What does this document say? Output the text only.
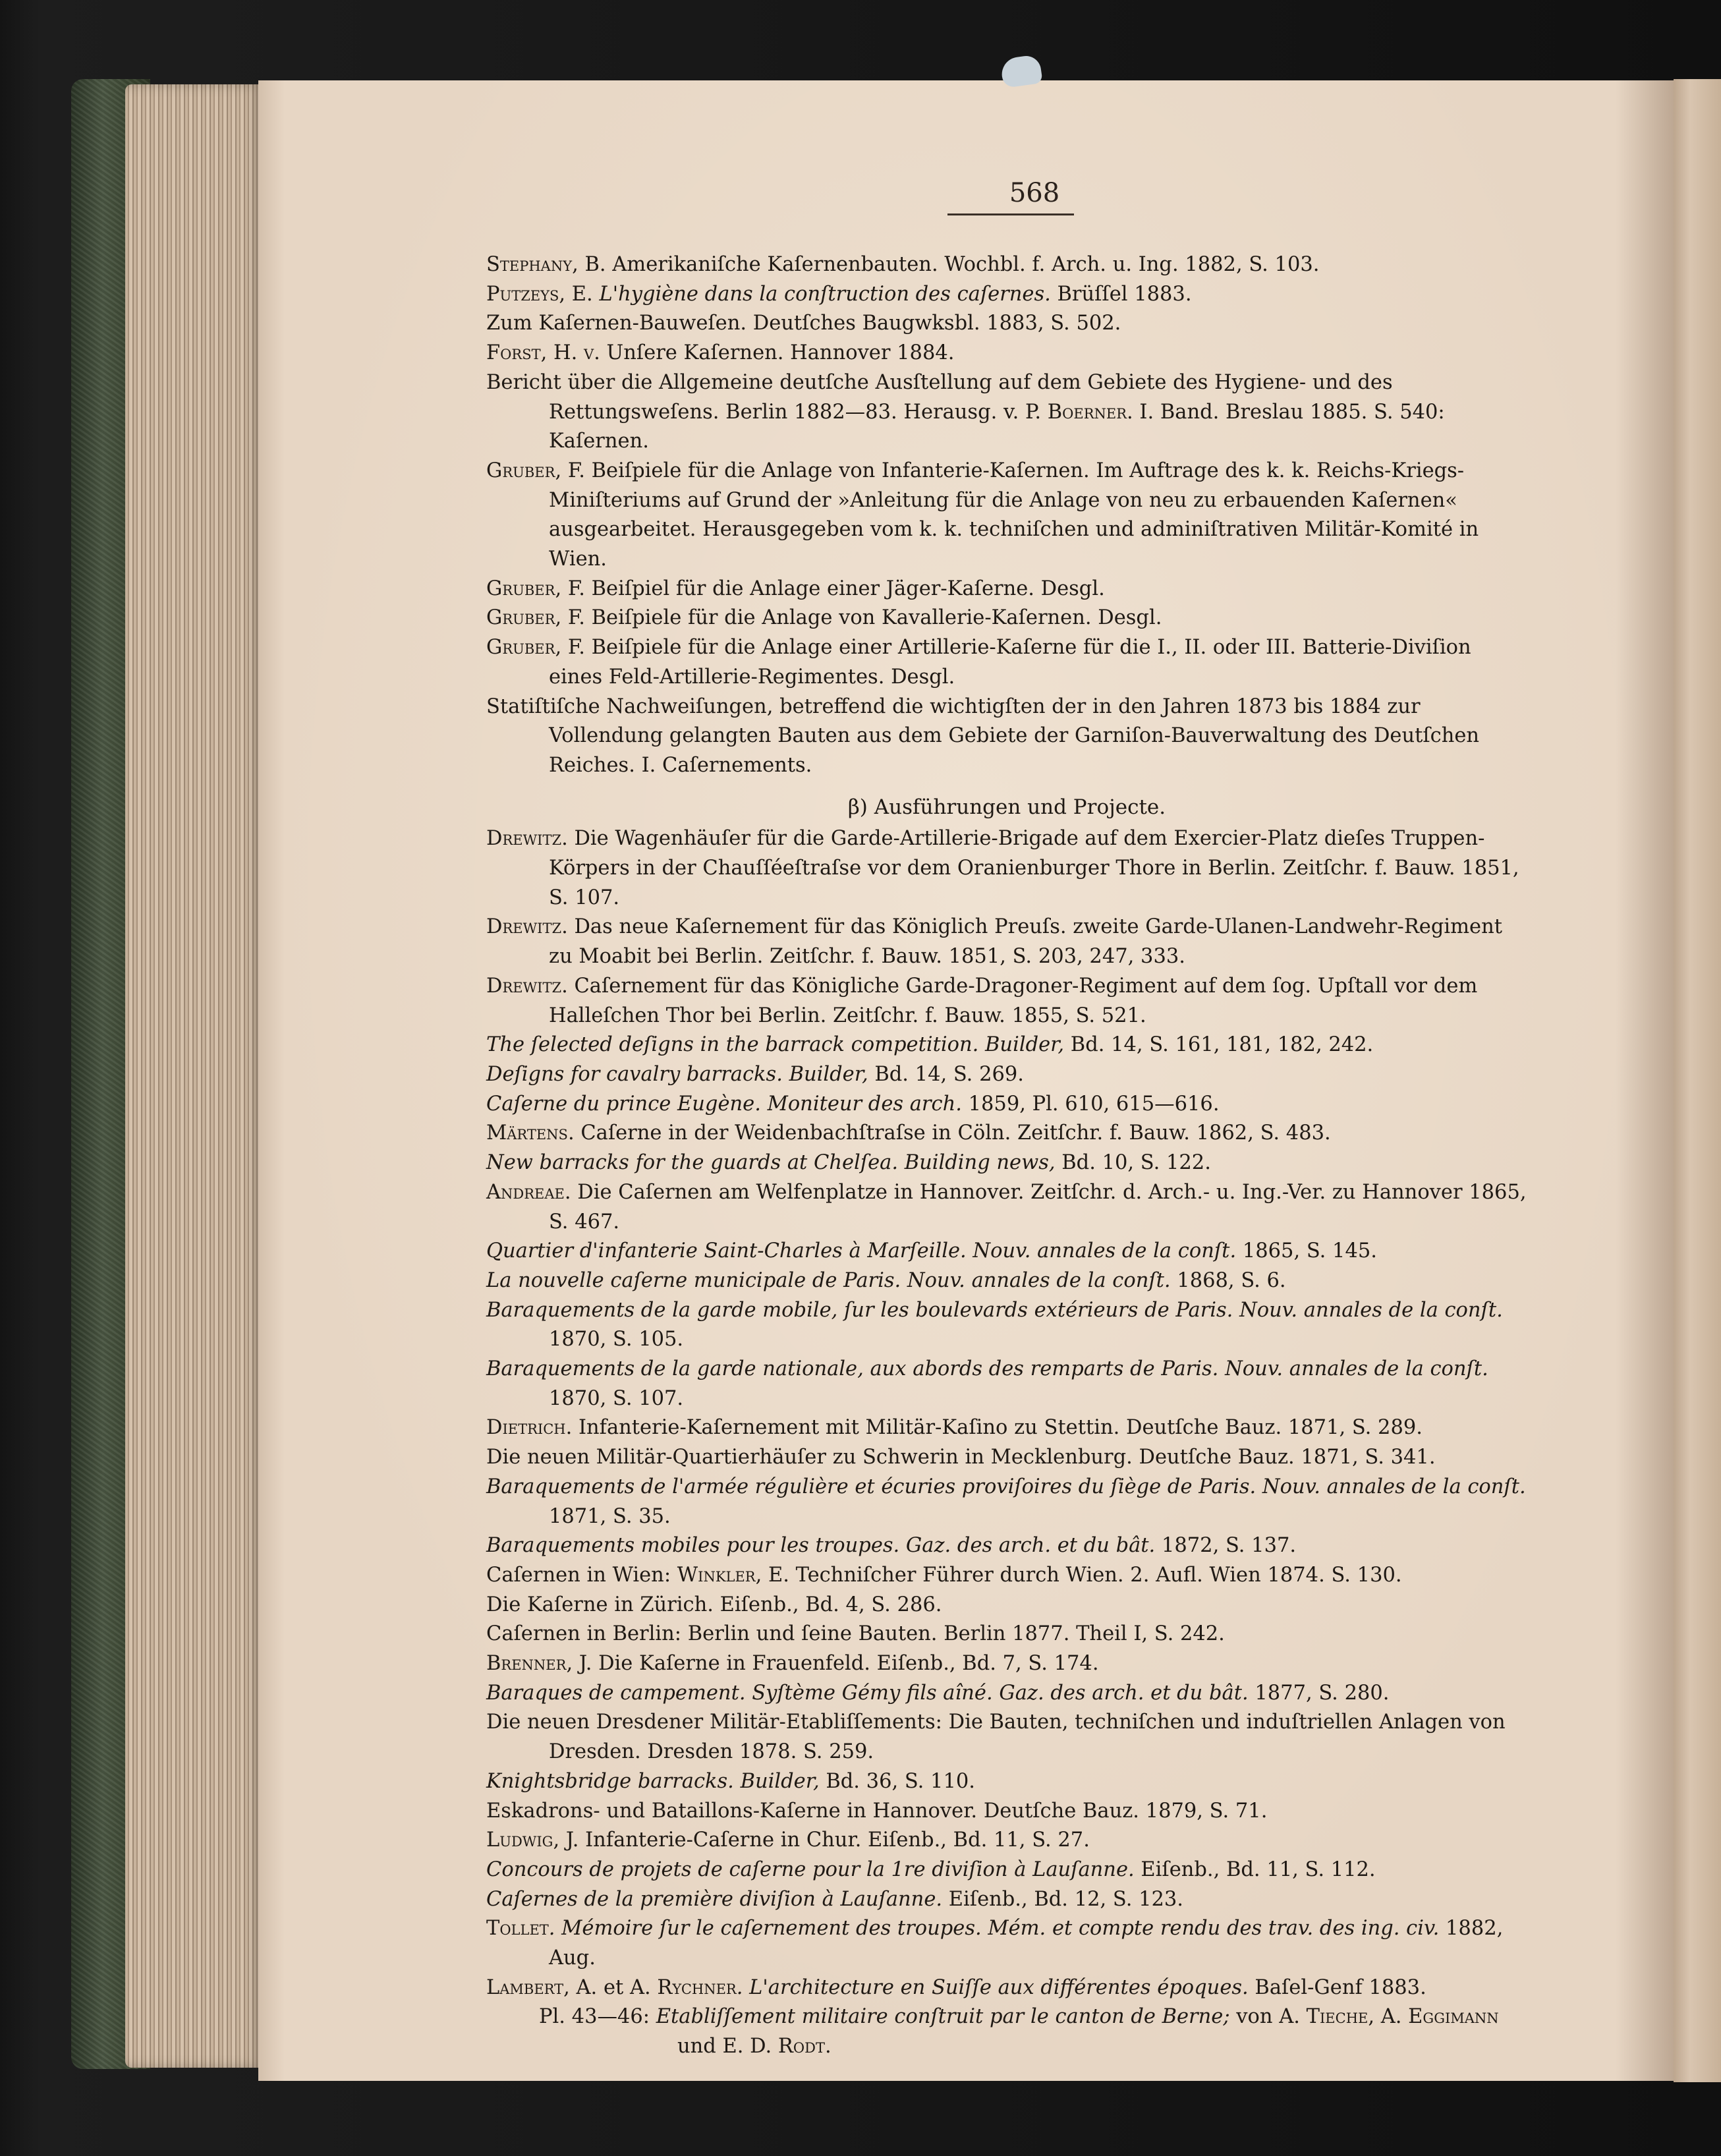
568

Stephany, B. Amerikaniſche Kaſernenbauten. Wochbl. f. Arch. u. Ing. 1882, S. 103.

Putzeys, E. L'hygiène dans la conſtruction des caſernes. Brüſſel 1883.

Zum Kaſernen-Bauweſen. Deutſches Baugwksbl. 1883, S. 502.

Forst, H. v. Unſere Kaſernen. Hannover 1884.

Bericht über die Allgemeine deutſche Ausſtellung auf dem Gebiete des Hygiene- und des Rettungsweſens. Berlin 1882—83. Herausg. v. P. Boerner. I. Band. Breslau 1885. S. 540: Kaſernen.

Gruber, F. Beiſpiele für die Anlage von Infanterie-Kaſernen. Im Auftrage des k. k. Reichs-Kriegs-Miniſteriums auf Grund der »Anleitung für die Anlage von neu zu erbauenden Kaſernen« ausgearbeitet. Herausgegeben vom k. k. techniſchen und adminiſtrativen Militär-Komité in Wien.

Gruber, F. Beiſpiel für die Anlage einer Jäger-Kaſerne. Desgl.

Gruber, F. Beiſpiele für die Anlage von Kavallerie-Kaſernen. Desgl.

Gruber, F. Beiſpiele für die Anlage einer Artillerie-Kaſerne für die I., II. oder III. Batterie-Diviſion eines Feld-Artillerie-Regimentes. Desgl.

Statiſtiſche Nachweiſungen, betreffend die wichtigſten der in den Jahren 1873 bis 1884 zur Vollendung gelangten Bauten aus dem Gebiete der Garniſon-Bauverwaltung des Deutſchen Reiches. I. Caſernements.

β) Ausführungen und Projecte.

Drewitz. Die Wagenhäuſer für die Garde-Artillerie-Brigade auf dem Exercier-Platz dieſes Truppen-Körpers in der Chauſſéeſtraſse vor dem Oranienburger Thore in Berlin. Zeitſchr. f. Bauw. 1851, S. 107.

Drewitz. Das neue Kaſernement für das Königlich Preuſs. zweite Garde-Ulanen-Landwehr-Regiment zu Moabit bei Berlin. Zeitſchr. f. Bauw. 1851, S. 203, 247, 333.

Drewitz. Caſernement für das Königliche Garde-Dragoner-Regiment auf dem ſog. Upſtall vor dem Halleſchen Thor bei Berlin. Zeitſchr. f. Bauw. 1855, S. 521.

The ſelected deſigns in the barrack competition. Builder, Bd. 14, S. 161, 181, 182, 242.

Deſigns for cavalry barracks. Builder, Bd. 14, S. 269.

Caſerne du prince Eugène. Moniteur des arch. 1859, Pl. 610, 615—616.

Märtens. Caſerne in der Weidenbachſtraſse in Cöln. Zeitſchr. f. Bauw. 1862, S. 483.

New barracks for the guards at Chelſea. Building news, Bd. 10, S. 122.

Andreae. Die Caſernen am Welfenplatze in Hannover. Zeitſchr. d. Arch.- u. Ing.-Ver. zu Hannover 1865, S. 467.

Quartier d'infanterie Saint-Charles à Marſeille. Nouv. annales de la conſt. 1865, S. 145.

La nouvelle caſerne municipale de Paris. Nouv. annales de la conſt. 1868, S. 6.

Baraquements de la garde mobile, ſur les boulevards extérieurs de Paris. Nouv. annales de la conſt. 1870, S. 105.

Baraquements de la garde nationale, aux abords des remparts de Paris. Nouv. annales de la conſt. 1870, S. 107.

Dietrich. Infanterie-Kaſernement mit Militär-Kaſino zu Stettin. Deutſche Bauz. 1871, S. 289.

Die neuen Militär-Quartierhäuſer zu Schwerin in Mecklenburg. Deutſche Bauz. 1871, S. 341.

Baraquements de l'armée régulière et écuries proviſoires du ſiège de Paris. Nouv. annales de la conſt. 1871, S. 35.

Baraquements mobiles pour les troupes. Gaz. des arch. et du bât. 1872, S. 137.

Caſernen in Wien: Winkler, E. Techniſcher Führer durch Wien. 2. Aufl. Wien 1874. S. 130.

Die Kaſerne in Zürich. Eiſenb., Bd. 4, S. 286.

Caſernen in Berlin: Berlin und ſeine Bauten. Berlin 1877. Theil I, S. 242.

Brenner, J. Die Kaſerne in Frauenfeld. Eiſenb., Bd. 7, S. 174.

Baraques de campement. Syſtème Gémy fils aîné. Gaz. des arch. et du bât. 1877, S. 280.

Die neuen Dresdener Militär-Etabliſſements: Die Bauten, techniſchen und induſtriellen Anlagen von Dresden. Dresden 1878. S. 259.

Knightsbridge barracks. Builder, Bd. 36, S. 110.

Eskadrons- und Bataillons-Kaſerne in Hannover. Deutſche Bauz. 1879, S. 71.

Ludwig, J. Infanterie-Caſerne in Chur. Eiſenb., Bd. 11, S. 27.

Concours de projets de caſerne pour la 1re diviſion à Lauſanne. Eiſenb., Bd. 11, S. 112.

Caſernes de la première diviſion à Lauſanne. Eiſenb., Bd. 12, S. 123.

Tollet. Mémoire ſur le caſernement des troupes. Mém. et compte rendu des trav. des ing. civ. 1882, Aug.

Lambert, A. et A. Rychner. L'architecture en Suiſſe aux différentes époques. Baſel-Genf 1883.

Pl. 43—46: Etabliſſement militaire conſtruit par le canton de Berne; von A. Tieche, A. Eggimann und E. D. Rodt.
